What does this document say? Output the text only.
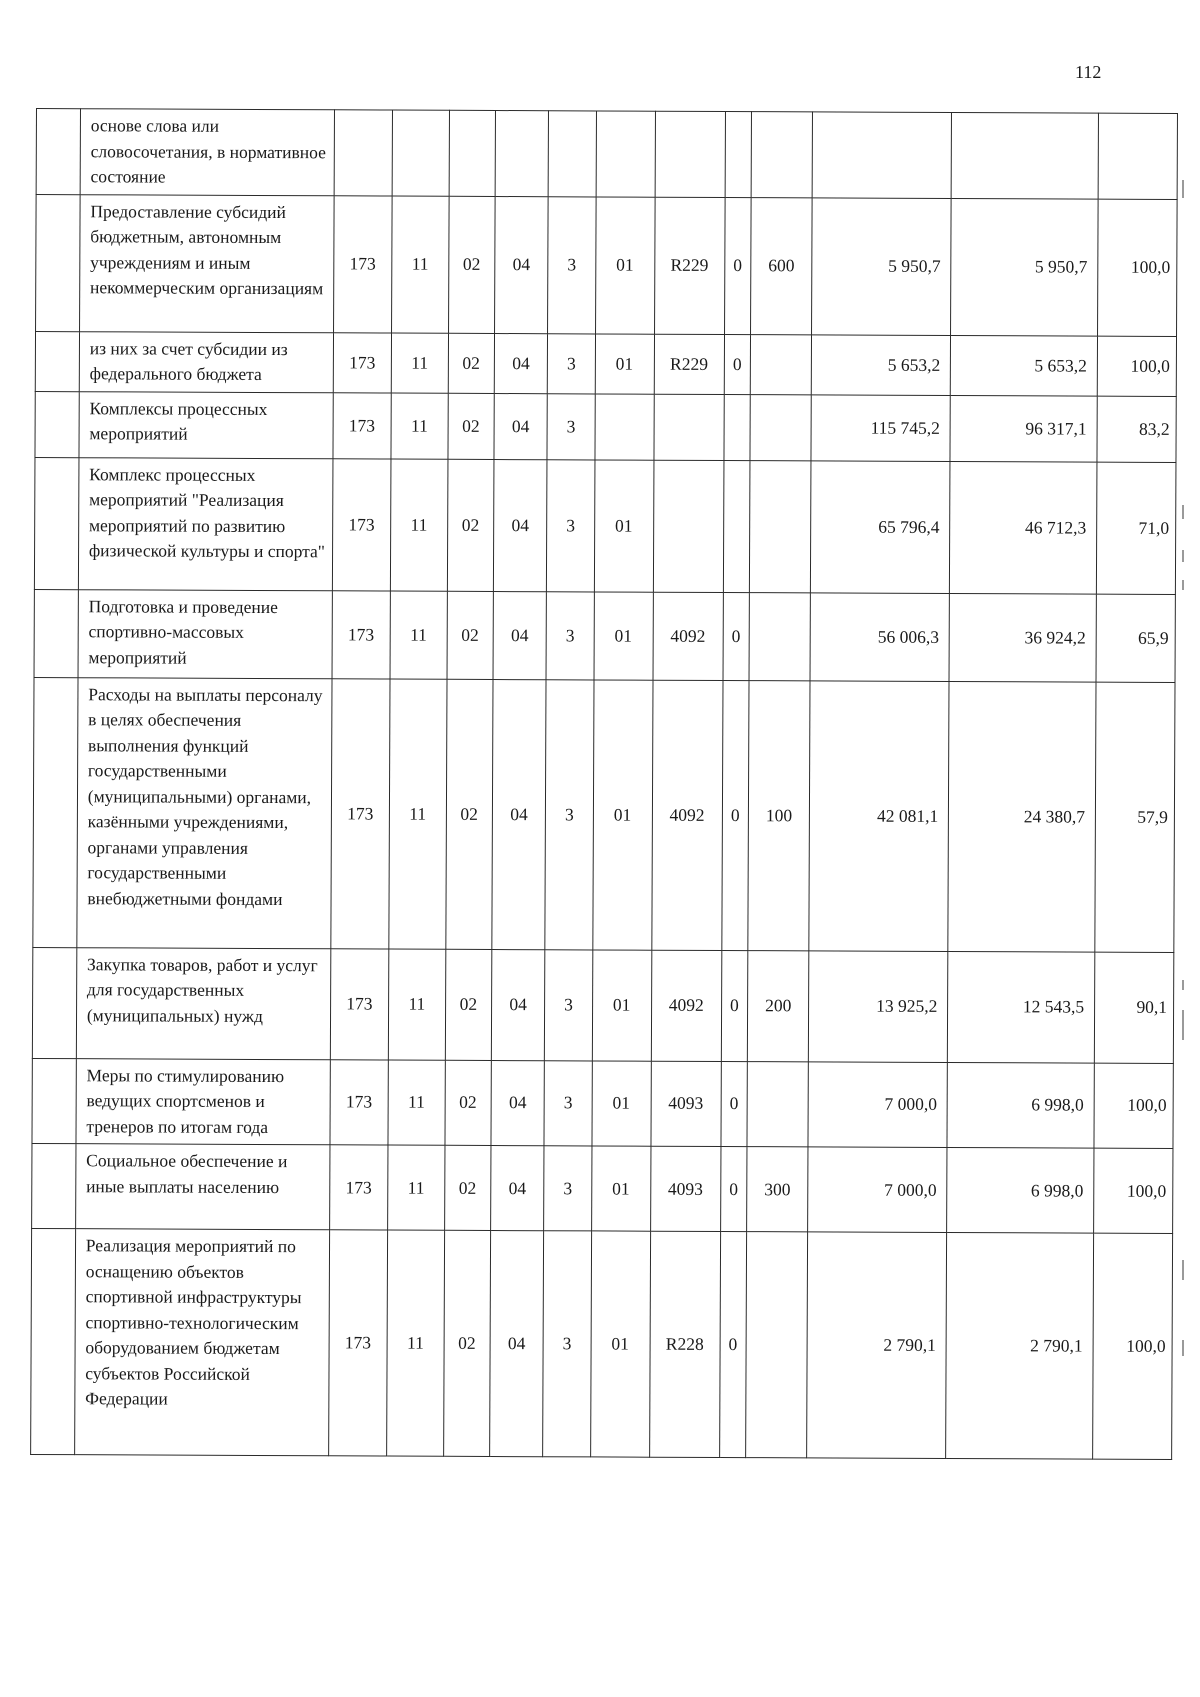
112
	основе слова или словосочетания, в нормативное состояние												
	Предоставление субсидий бюджетным, автономным учреждениям и иным некоммерческим организациям	173	11	02	04	3	01	R229	0	600	5 950,7	5 950,7	100,0
	из них за счет субсидии из федерального бюджета	173	11	02	04	3	01	R229	0		5 653,2	5 653,2	100,0
	Комплексы процессных мероприятий	173	11	02	04	3					115 745,2	96 317,1	83,2
	Комплекс процессных мероприятий "Реализация мероприятий по развитию физической культуры и спорта"	173	11	02	04	3	01				65 796,4	46 712,3	71,0
	Подготовка и проведение спортивно-массовых мероприятий	173	11	02	04	3	01	4092	0		56 006,3	36 924,2	65,9
	Расходы на выплаты персоналу в целях обеспечения выполнения функций государственными (муниципальными) органами, казёнными учреждениями, органами управления государственными внебюджетными фондами	173	11	02	04	3	01	4092	0	100	42 081,1	24 380,7	57,9
	Закупка товаров, работ и услуг для государственных (муниципальных) нужд	173	11	02	04	3	01	4092	0	200	13 925,2	12 543,5	90,1
	Меры по стимулированию ведущих спортсменов и тренеров по итогам года	173	11	02	04	3	01	4093	0		7 000,0	6 998,0	100,0
	Социальное обеспечение и иные выплаты населению	173	11	02	04	3	01	4093	0	300	7 000,0	6 998,0	100,0
	Реализация мероприятий по оснащению объектов спортивной инфраструктуры спортивно-технологическим оборудованием бюджетам субъектов Российской Федерации	173	11	02	04	3	01	R228	0		2 790,1	2 790,1	100,0
